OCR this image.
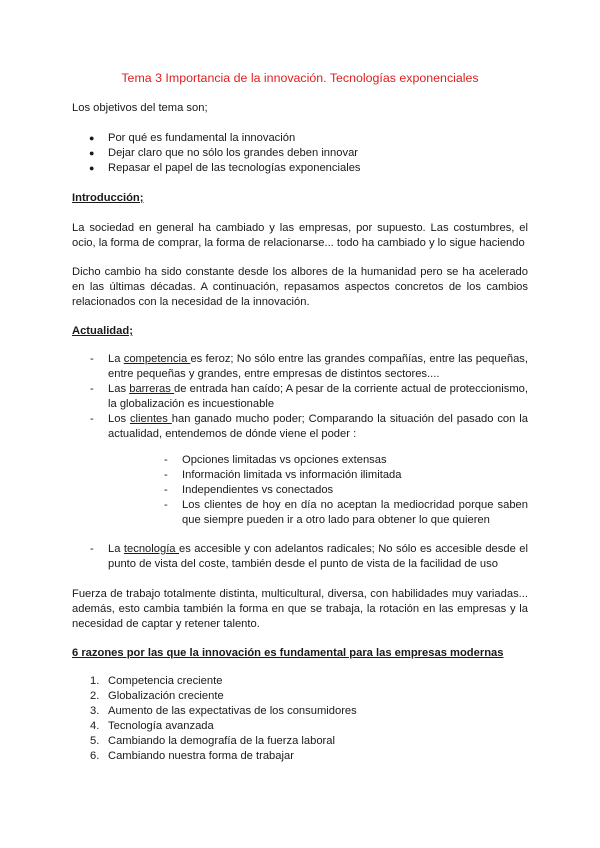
Tema 3 Importancia de la innovación. Tecnologías exponenciales
Los objetivos del tema son;
● Por qué es fundamental la innovación
● Dejar claro que no sólo los grandes deben innovar
● Repasar el papel de las tecnologías exponenciales
Introducción;
La sociedad en general ha cambiado y las empresas, por supuesto. Las costumbres, el ocio, la forma de comprar, la forma de relacionarse... todo ha cambiado y lo sigue haciendo
Dicho cambio ha sido constante desde los albores de la humanidad pero se ha acelerado en las últimas décadas. A continuación, repasamos aspectos concretos de los cambios relacionados con la necesidad de la innovación.
Actualidad;
- La competencia es feroz; No sólo entre las grandes compañías, entre las pequeñas, entre pequeñas y grandes, entre empresas de distintos sectores....
- Las barreras de entrada han caído; A pesar de la corriente actual de proteccionismo, la globalización es incuestionable
- Los clientes han ganado mucho poder; Comparando la situación del pasado con la actualidad, entendemos de dónde viene el poder :
- Opciones limitadas vs opciones extensas
- Información limitada vs información ilimitada
- Independientes vs conectados
- Los clientes de hoy en día no aceptan la mediocridad porque saben que siempre pueden ir a otro lado para obtener lo que quieren
- La tecnología es accesible y con adelantos radicales; No sólo es accesible desde el punto de vista del coste, también desde el punto de vista de la facilidad de uso
Fuerza de trabajo totalmente distinta, multicultural, diversa, con habilidades muy variadas... además, esto cambia también la forma en que se trabaja, la rotación en las empresas y la necesidad de captar y retener talento.
6 razones por las que la innovación es fundamental para las empresas modernas
1. Competencia creciente
2. Globalización creciente
3. Aumento de las expectativas de los consumidores
4. Tecnología avanzada
5. Cambiando la demografía de la fuerza laboral
6. Cambiando nuestra forma de trabajar
